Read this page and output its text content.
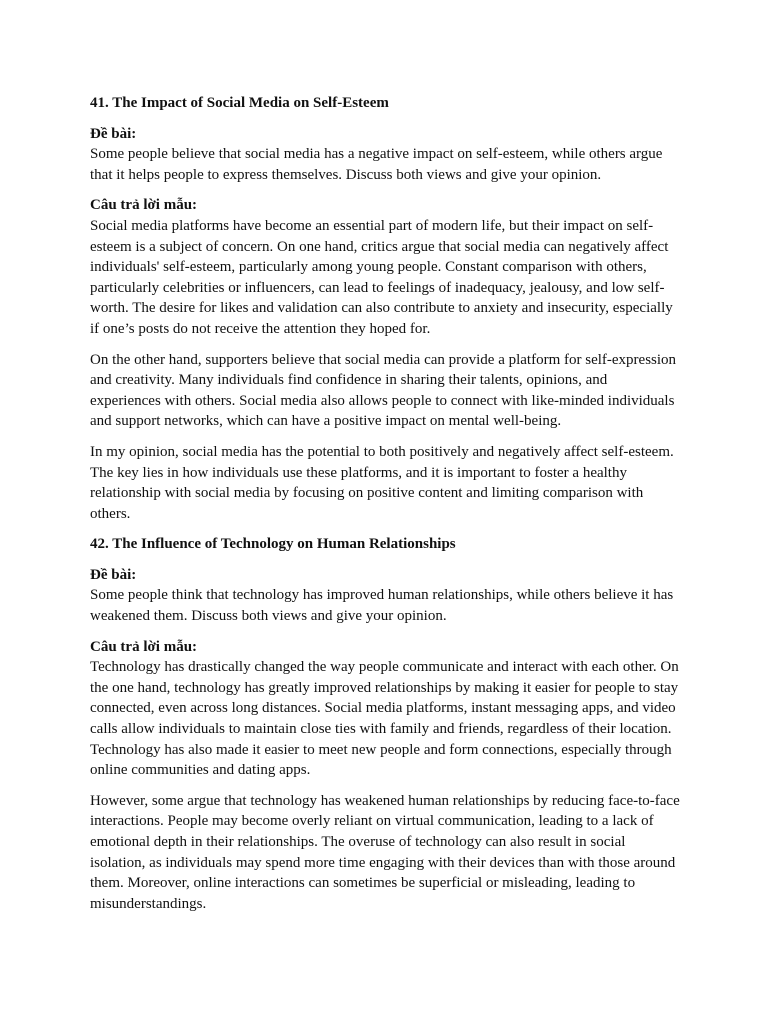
41. The Impact of Social Media on Self-Esteem
Đề bài:
Some people believe that social media has a negative impact on self-esteem, while others argue that it helps people to express themselves. Discuss both views and give your opinion.
Câu trả lời mẫu:
Social media platforms have become an essential part of modern life, but their impact on self-esteem is a subject of concern. On one hand, critics argue that social media can negatively affect individuals' self-esteem, particularly among young people. Constant comparison with others, particularly celebrities or influencers, can lead to feelings of inadequacy, jealousy, and low self-worth. The desire for likes and validation can also contribute to anxiety and insecurity, especially if one’s posts do not receive the attention they hoped for.

On the other hand, supporters believe that social media can provide a platform for self-expression and creativity. Many individuals find confidence in sharing their talents, opinions, and experiences with others. Social media also allows people to connect with like-minded individuals and support networks, which can have a positive impact on mental well-being.

In my opinion, social media has the potential to both positively and negatively affect self-esteem. The key lies in how individuals use these platforms, and it is important to foster a healthy relationship with social media by focusing on positive content and limiting comparison with others.

42. The Influence of Technology on Human Relationships
Đề bài:
Some people think that technology has improved human relationships, while others believe it has weakened them. Discuss both views and give your opinion.
Câu trả lời mẫu:
Technology has drastically changed the way people communicate and interact with each other. On the one hand, technology has greatly improved relationships by making it easier for people to stay connected, even across long distances. Social media platforms, instant messaging apps, and video calls allow individuals to maintain close ties with family and friends, regardless of their location. Technology has also made it easier to meet new people and form connections, especially through online communities and dating apps.

However, some argue that technology has weakened human relationships by reducing face-to-face interactions. People may become overly reliant on virtual communication, leading to a lack of emotional depth in their relationships. The overuse of technology can also result in social isolation, as individuals may spend more time engaging with their devices than with those around them. Moreover, online interactions can sometimes be superficial or misleading, leading to misunderstandings.
